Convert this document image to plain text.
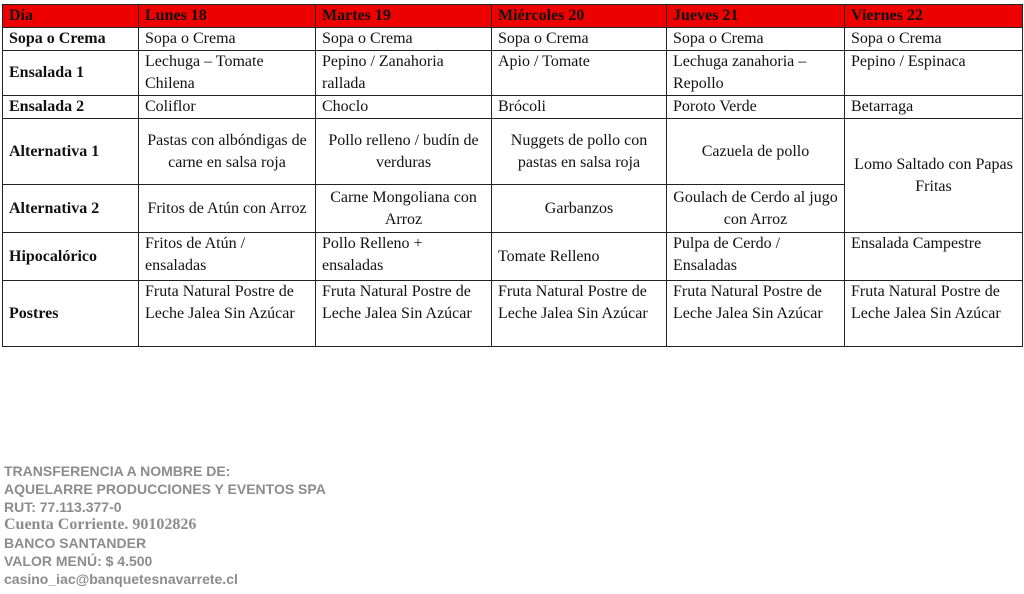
Día	Lunes 18	Martes 19	Miércoles 20	Jueves 21	Viernes 22
Sopa o Crema	Sopa o Crema	Sopa o Crema	Sopa o Crema	Sopa o Crema	Sopa o Crema
Ensalada 1	Lechuga – Tomate Chilena	Pepino / Zanahoria rallada	Apio / Tomate	Lechuga zanahoria – Repollo	Pepino / Espinaca
Ensalada 2	Coliflor	Choclo	Brócoli	Poroto Verde	Betarraga
Alternativa 1	Pastas con albóndigas de carne en salsa roja	Pollo relleno / budín de verduras	Nuggets de pollo con pastas en salsa roja	Cazuela de pollo	Lomo Saltado con Papas Fritas
Alternativa 2	Fritos de Atún con Arroz	Carne Mongoliana con Arroz	Garbanzos	Goulach de Cerdo al jugo con Arroz	
Hipocalórico	Fritos de Atún / ensaladas	Pollo Relleno + ensaladas	Tomate Relleno	Pulpa de Cerdo / Ensaladas	Ensalada Campestre
Postres	Fruta Natural Postre de Leche Jalea Sin Azúcar	Fruta Natural Postre de Leche Jalea Sin Azúcar	Fruta Natural Postre de Leche Jalea Sin Azúcar	Fruta Natural Postre de Leche Jalea Sin Azúcar	Fruta Natural Postre de Leche Jalea Sin Azúcar
TRANSFERENCIA A NOMBRE DE:
AQUELARRE PRODUCCIONES Y EVENTOS SPA
RUT: 77.113.377-0
Cuenta Corriente. 90102826
BANCO SANTANDER
VALOR MENÚ: $ 4.500
casino_iac@banquetesnavarrete.cl
